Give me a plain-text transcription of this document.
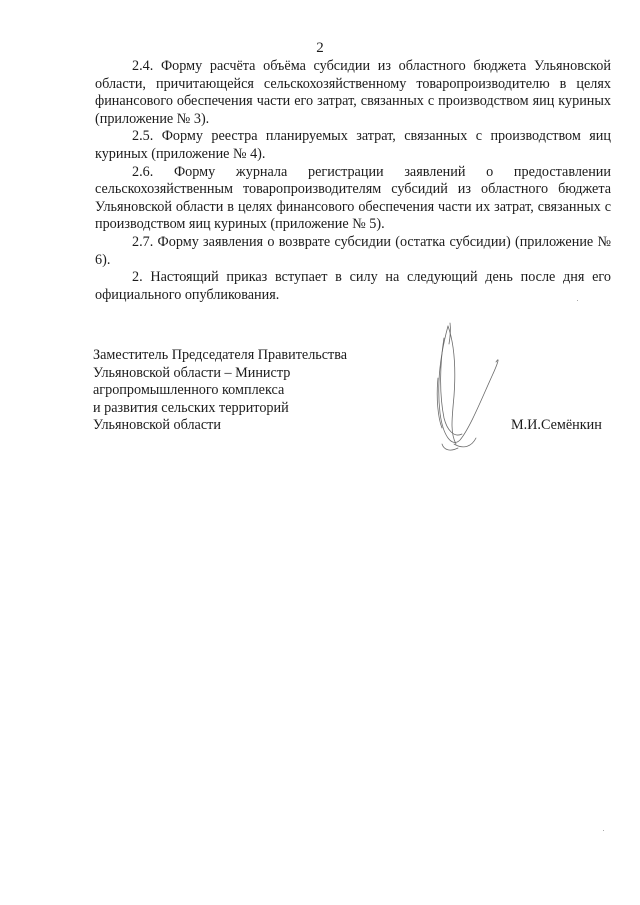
2

2.4. Форму расчёта объёма субсидии из областного бюджета Ульяновской области, причитающейся сельскохозяйственному товаропроизводителю в целях финансового обеспечения части его затрат, связанных с производством яиц куриных (приложение № 3).

2.5. Форму реестра планируемых затрат, связанных с производством яиц куриных (приложение № 4).

2.6. Форму журнала регистрации заявлений о предоставлении сельскохозяйственным товаропроизводителям субсидий из областного бюджета Ульяновской области в целях финансового обеспечения части их затрат, связанных с производством яиц куриных (приложение № 5).

2.7. Форму заявления о возврате субсидии (остатка субсидии) (приложение № 6).

2. Настоящий приказ вступает в силу на следующий день после дня его официального опубликования.

Заместитель Председателя Правительства
Ульяновской области – Министр
агропромышленного комплекса
и развития сельских территорий
Ульяновской области	М.И.Семёнкин
